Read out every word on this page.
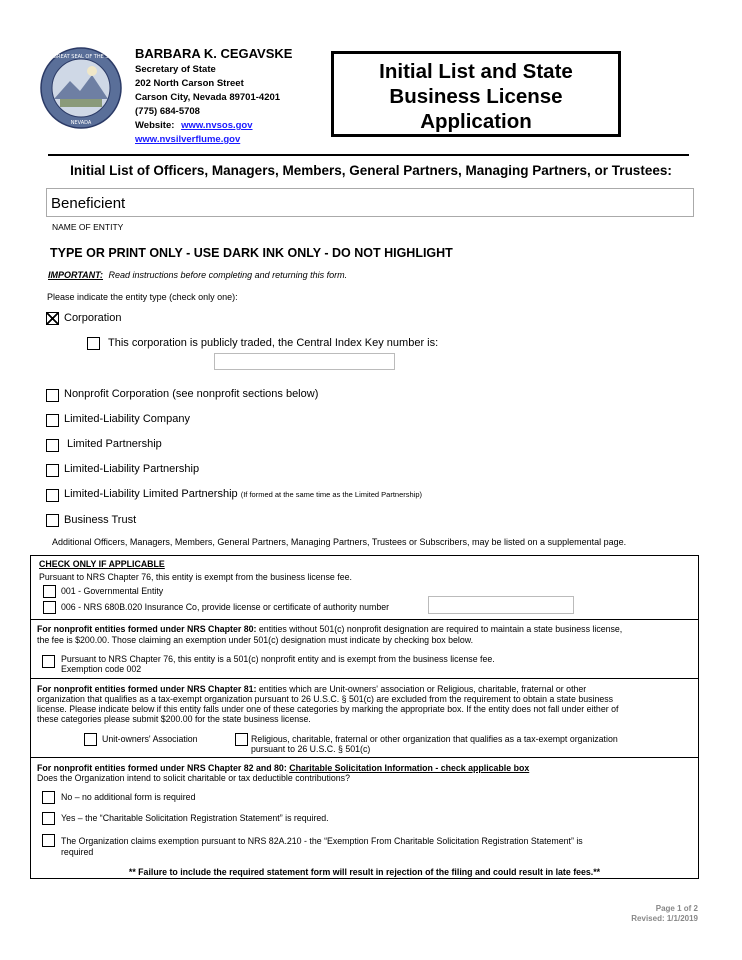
THE GREAT SEAL OF THE STATE
NEVADA
BARBARA K. CEGAVSKE
Secretary of State
202 North Carson Street
Carson City, Nevada 89701-4201
(775) 684-5708
Website: www.nvsos.gov
www.nvsilverflume.gov
Initial List and State
Business License
Application
Initial List of Officers, Managers, Members, General Partners, Managing Partners, or Trustees:
Beneficient
NAME OF ENTITY
TYPE OR PRINT ONLY - USE DARK INK ONLY - DO NOT HIGHLIGHT
IMPORTANT: Read instructions before completing and returning this form.
Please indicate the entity type (check only one):
Corporation
This corporation is publicly traded, the Central Index Key number is:
Nonprofit Corporation (see nonprofit sections below)
Limited-Liability Company
Limited Partnership
Limited-Liability Partnership
Limited-Liability Limited Partnership (If formed at the same time as the Limited Partnership)
Business Trust
Additional Officers, Managers, Members, General Partners, Managing Partners, Trustees or Subscribers, may be listed on a supplemental page.
CHECK ONLY IF APPLICABLE
Pursuant to NRS Chapter 76, this entity is exempt from the business license fee.
001 - Governmental Entity
006 - NRS 680B.020 Insurance Co, provide license or certificate of authority number
For nonprofit entities formed under NRS Chapter 80: entities without 501(c) nonprofit designation are required to maintain a state business license,
the fee is $200.00. Those claiming an exemption under 501(c) designation must indicate by checking box below.
Pursuant to NRS Chapter 76, this entity is a 501(c) nonprofit entity and is exempt from the business license fee.
Exemption code 002
For nonprofit entities formed under NRS Chapter 81: entities which are Unit-owners' association or Religious, charitable, fraternal or other
organization that qualifies as a tax-exempt organization pursuant to 26 U.S.C. § 501(c) are excluded from the requirement to obtain a state business
license. Please indicate below if this entity falls under one of these categories by marking the appropriate box. If the entity does not fall under either of
these categories please submit $200.00 for the state business license.
Unit-owners' Association	Religious, charitable, fraternal or other organization that qualifies as a tax-exempt organization
pursuant to 26 U.S.C. § 501(c)
For nonprofit entities formed under NRS Chapter 82 and 80: Charitable Solicitation Information - check applicable box
Does the Organization intend to solicit charitable or tax deductible contributions?
No – no additional form is required
Yes – the “Charitable Solicitation Registration Statement” is required.
The Organization claims exemption pursuant to NRS 82A.210 - the “Exemption From Charitable Solicitation Registration Statement” is
required
** Failure to include the required statement form will result in rejection of the filing and could result in late fees.**
Page 1 of 2
Revised: 1/1/2019
